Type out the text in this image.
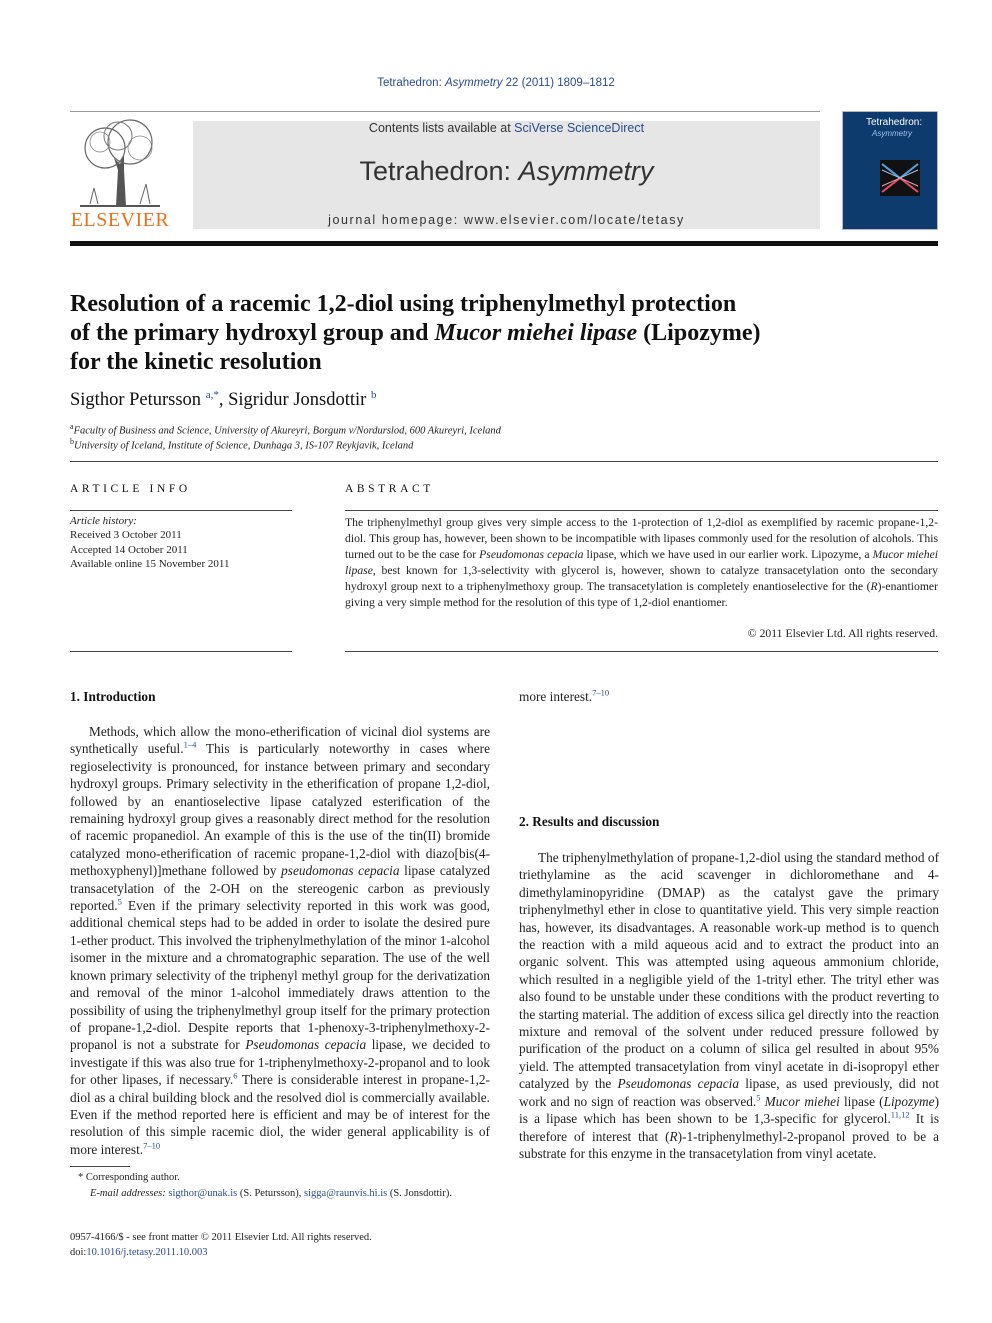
Tetrahedron: Asymmetry 22 (2011) 1809–1812
ELSEVIER
Contents lists available at SciVerse ScienceDirect
Tetrahedron: Asymmetry
journal homepage: www.elsevier.com/locate/tetasy
Tetrahedron:
Asymmetry
Resolution of a racemic 1,2-diol using triphenylmethyl protection
of the primary hydroxyl group and Mucor miehei lipase (Lipozyme)
for the kinetic resolution
Sigthor Petursson $^{a,*}$, Sigridur Jonsdottir $^b$
$^a$Faculty of Business and Science, University of Akureyri, Borgum v/Nordurslod, 600 Akureyri, Iceland
$^b$University of Iceland, Institute of Science, Dunhaga 3, IS-107 Reykjavik, Iceland
ARTICLE INFO
Article history:
Received 3 October 2011
Accepted 14 October 2011
Available online 15 November 2011
ABSTRACT
The triphenylmethyl group gives very simple access to the 1-protection of 1,2-diol as exemplified by racemic propane-1,2-diol. This group has, however, been shown to be incompatible with lipases commonly used for the resolution of alcohols. This turned out to be the case for Pseudomonas cepacia lipase, which we have used in our earlier work. Lipozyme, a Mucor miehei lipase, best known for 1,3-selectivity with glycerol is, however, shown to catalyze transacetylation onto the secondary hydroxyl group next to a triphenylmethoxy group. The transacetylation is completely enantioselective for the (R)-enantiomer giving a very simple method for the resolution of this type of 1,2-diol enantiomer.
© 2011 Elsevier Ltd. All rights reserved.
1. Introduction

Methods, which allow the mono-etherification of vicinal diol systems are synthetically useful.$^{1-4}$ This is particularly noteworthy in cases where regioselectivity is pronounced, for instance between primary and secondary hydroxyl groups. Primary selectivity in the etherification of propane 1,2-diol, followed by an enantioselective lipase catalyzed esterification of the remaining hydroxyl group gives a reasonably direct method for the resolution of racemic propanediol. An example of this is the use of the tin(II) bromide catalyzed mono-etherification of racemic propane-1,2-diol with diazo[bis(4-methoxyphenyl)]methane followed by pseudomonas cepacia lipase catalyzed transacetylation of the 2-OH on the stereogenic carbon as previously reported.$^5$ Even if the primary selectivity reported in this work was good, additional chemical steps had to be added in order to isolate the desired pure 1-ether product. This involved the triphenylmethylation of the minor 1-alcohol isomer in the mixture and a chromatographic separation. The use of the well known primary selectivity of the triphenyl methyl group for the derivatization and removal of the minor 1-alcohol immediately draws attention to the possibility of using the triphenylmethyl group itself for the primary protection of propane-1,2-diol. Despite reports that 1-phenoxy-3-triphenylmethoxy-2-propanol is not a substrate for Pseudomonas cepacia lipase, we decided to investigate if this was also true for 1-triphenylmethoxy-2-propanol and to look for other lipases, if necessary.$^6$ There is considerable interest in propane-1,2-diol as a chiral building block and the resolved diol is commercially available. Even if the method reported here is efficient and may be of interest for the resolution of this simple racemic diol, the wider general applicability is of more interest.$^{7-10}$

more interest.$^{7-10}$

2. Results and discussion

The triphenylmethylation of propane-1,2-diol using the standard method of triethylamine as the acid scavenger in dichloromethane and 4-dimethylaminopyridine (DMAP) as the catalyst gave the primary triphenylmethyl ether in close to quantitative yield. This very simple reaction has, however, its disadvantages. A reasonable work-up method is to quench the reaction with a mild aqueous acid and to extract the product into an organic solvent. This was attempted using aqueous ammonium chloride, which resulted in a negligible yield of the 1-trityl ether. The trityl ether was also found to be unstable under these conditions with the product reverting to the starting material. The addition of excess silica gel directly into the reaction mixture and removal of the solvent under reduced pressure followed by purification of the product on a column of silica gel resulted in about 95% yield. The attempted transacetylation from vinyl acetate in di-isopropyl ether catalyzed by the Pseudomonas cepacia lipase, as used previously, did not work and no sign of reaction was observed.$^5$ Mucor miehei lipase (Lipozyme) is a lipase which has been shown to be 1,3-specific for glycerol.$^{11,12}$ It is therefore of interest that (R)-1-triphenylmethyl-2-propanol proved to be a substrate for this enzyme in the transacetylation from vinyl acetate.

* Corresponding author.
E-mail addresses: sigthor@unak.is (S. Petursson), sigga@raunvis.hi.is (S. Jonsdottir).
0957-4166/$ - see front matter © 2011 Elsevier Ltd. All rights reserved.
doi:10.1016/j.tetasy.2011.10.003
